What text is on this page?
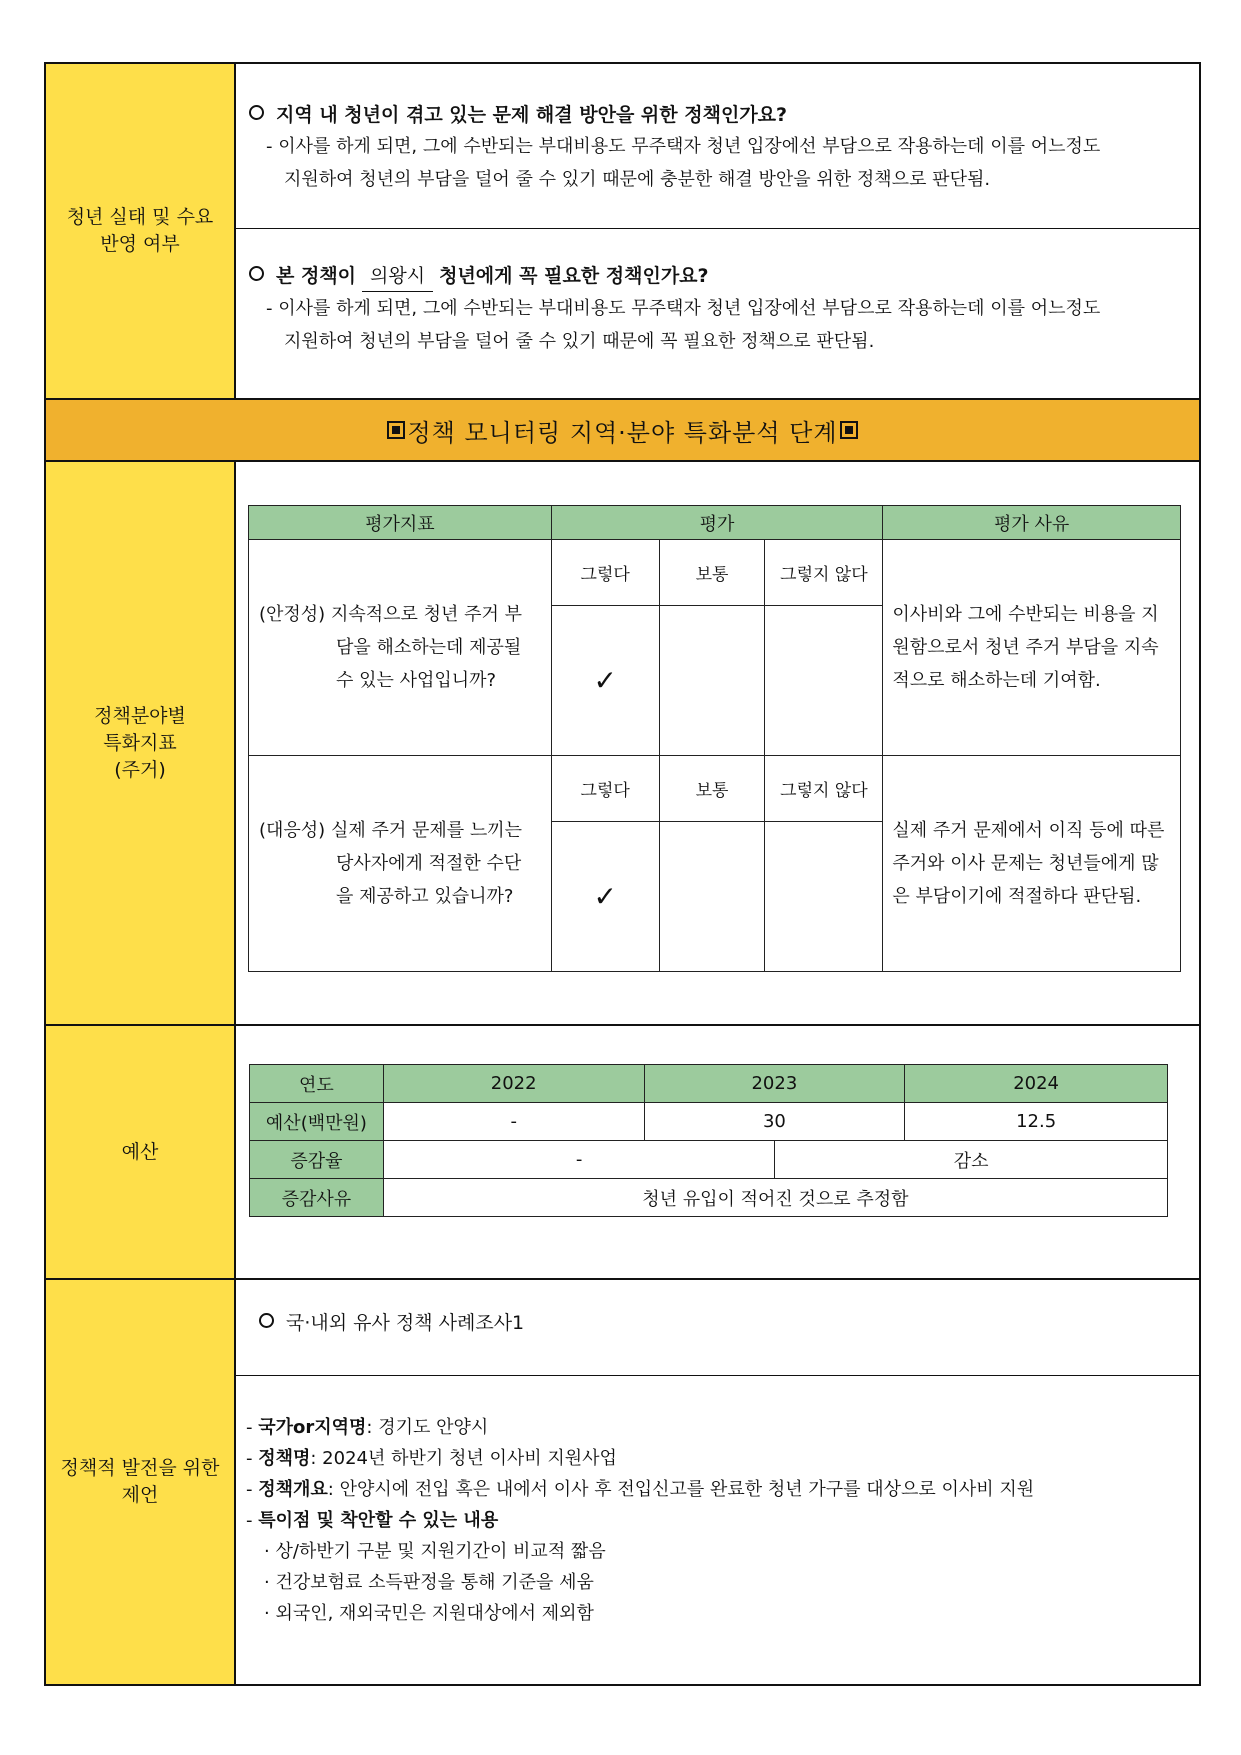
청년 실태 및 수요
반영 여부
지역 내 청년이 겪고 있는 문제 해결 방안을 위한 정책인가요?
- 이사를 하게 되면, 그에 수반되는 부대비용도 무주택자 청년 입장에선 부담으로 작용하는데 이를 어느정도
지원하여 청년의 부담을 덜어 줄 수 있기 때문에 충분한 해결 방안을 위한 정책으로 판단됨.
본 정책이 의왕시 청년에게 꼭 필요한 정책인가요?
- 이사를 하게 되면, 그에 수반되는 부대비용도 무주택자 청년 입장에선 부담으로 작용하는데 이를 어느정도
지원하여 청년의 부담을 덜어 줄 수 있기 때문에 꼭 필요한 정책으로 판단됨.
정책 모니터링 지역·분야 특화분석 단계
정책분야별
특화지표
(주거)
평가지표	평가			평가 사유

(안정성) 지속적으로 청년 주거 부
담을 해소하는데 제공될
수 있는 사업입니까?	그렇다	보통	그렇지 않다	이사비와 그에 수반되는 비용을 지원함으로서 청년 주거 부담을 지속적으로 해소하는데 기여함.
	✓			

(대응성) 실제 주거 문제를 느끼는
당사자에게 적절한 수단
을 제공하고 있습니까?	그렇다	보통	그렇지 않다	실제 주거 문제에서 이직 등에 따른 주거와 이사 문제는 청년들에게 많은 부담이기에 적절하다 판단됨.
	✓			
예산
연도	2022	2023		2024
예산(백만원)	-	30		12.5
증감율	-		감소	
증감사유	청년 유입이 적어진 것으로 추정함			
정책적 발전을 위한
제언
국·내외 유사 정책 사례조사1
- 국가or지역명: 경기도 안양시
- 정책명: 2024년 하반기 청년 이사비 지원사업
- 정책개요: 안양시에 전입 혹은 내에서 이사 후 전입신고를 완료한 청년 가구를 대상으로 이사비 지원
- 특이점 및 착안할 수 있는 내용
· 상/하반기 구분 및 지원기간이 비교적 짧음
· 건강보험료 소득판정을 통해 기준을 세움
· 외국인, 재외국민은 지원대상에서 제외함
